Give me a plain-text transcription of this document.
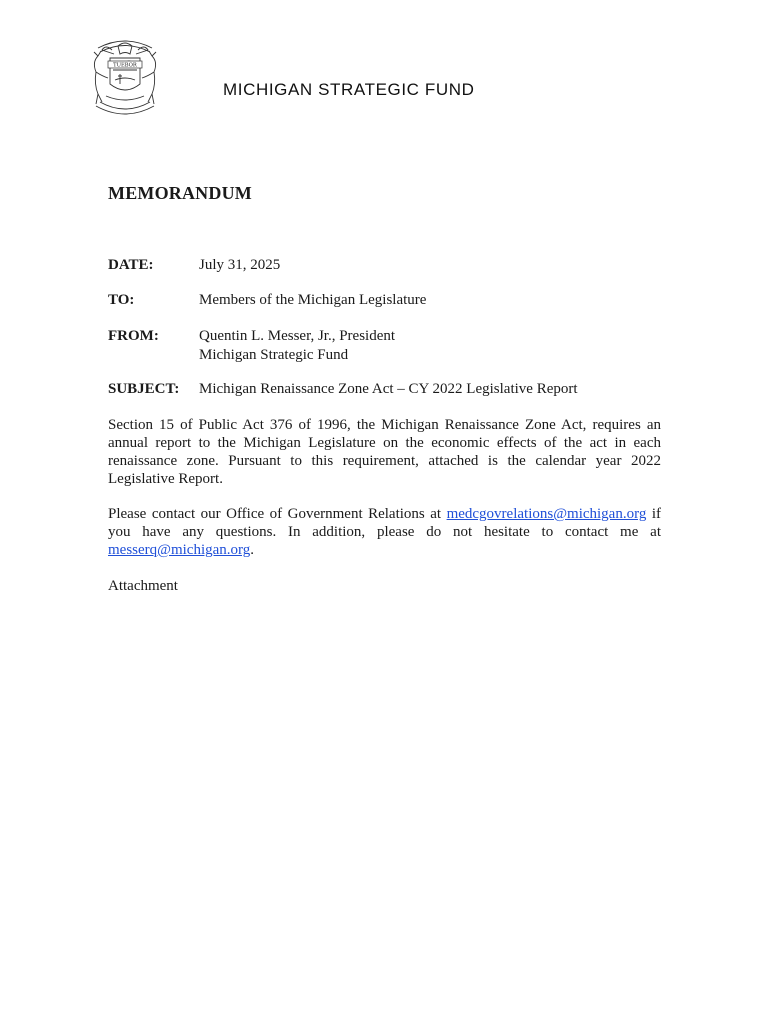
TUEBOR
MICHIGAN STRATEGIC FUND
MEMORANDUM
DATE:	July 31, 2025
TO:	Members of the Michigan Legislature
FROM:	Quentin L. Messer, Jr., President
Michigan Strategic Fund
SUBJECT: Michigan Renaissance Zone Act – CY 2022 Legislative Report
Section 15 of Public Act 376 of 1996, the Michigan Renaissance Zone Act, requires an annual report to the Michigan Legislature on the economic effects of the act in each renaissance zone. Pursuant to this requirement, attached is the calendar year 2022 Legislative Report.
Please contact our Office of Government Relations at medcgovrelations@michigan.org if you have any questions. In addition, please do not hesitate to contact me at messerq@michigan.org.
Attachment
